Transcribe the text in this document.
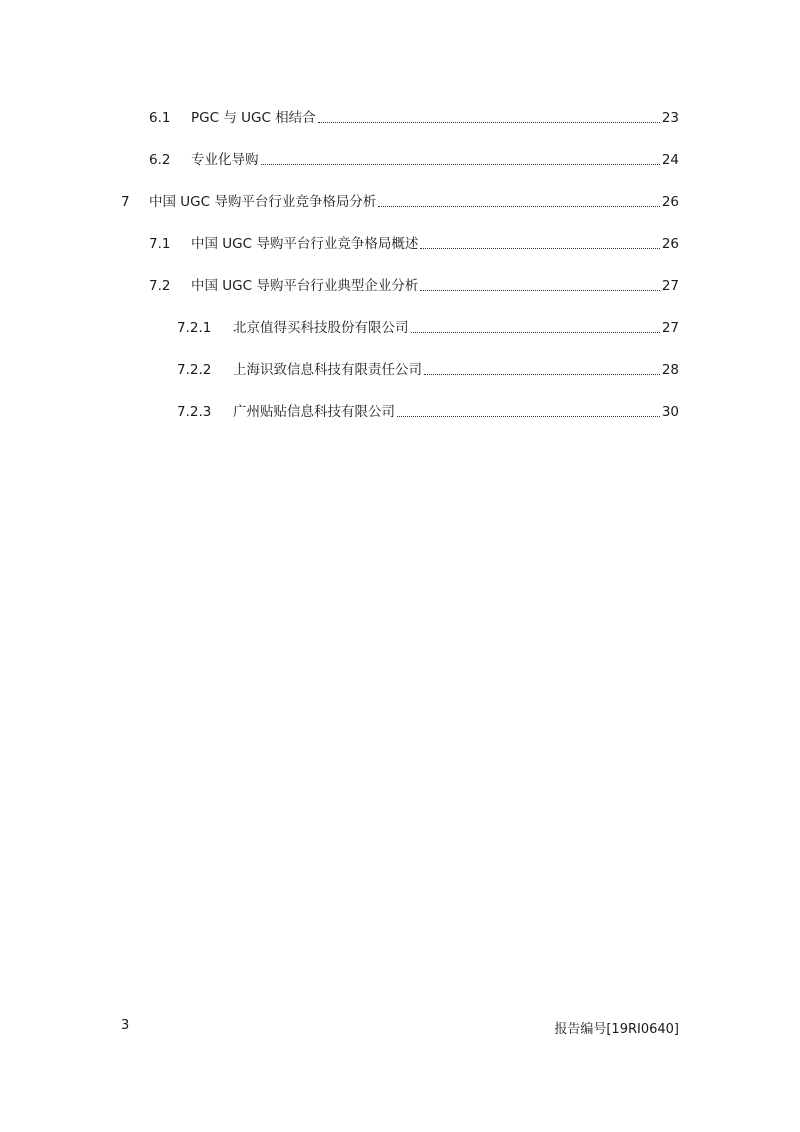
6.1	PGC 与 UGC 相结合	23
6.2	专业化导购	24
7	中国 UGC 导购平台行业竞争格局分析	26
7.1	中国 UGC 导购平台行业竞争格局概述	26
7.2	中国 UGC 导购平台行业典型企业分析	27
7.2.1	北京值得买科技股份有限公司	27
7.2.2	上海识致信息科技有限责任公司	28
7.2.3	广州贴贴信息科技有限公司	30
3	报告编号[19RI0640]
